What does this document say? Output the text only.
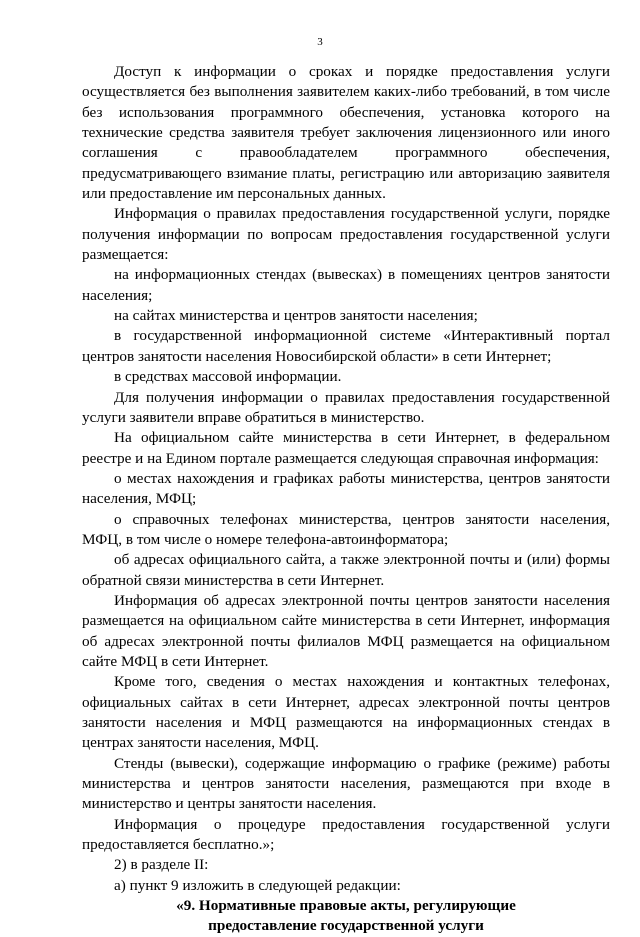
3

Доступ к информации о сроках и порядке предоставления услуги осуществляется без выполнения заявителем каких-либо требований, в том числе без использования программного обеспечения, установка которого на технические средства заявителя требует заключения лицензионного или иного соглашения с правообладателем программного обеспечения, предусматривающего взимание платы, регистрацию или авторизацию заявителя или предоставление им персональных данных.

Информация о правилах предоставления государственной услуги, порядке получения информации по вопросам предоставления государственной услуги размещается:

на информационных стендах (вывесках) в помещениях центров занятости населения;

на сайтах министерства и центров занятости населения;

в государственной информационной системе «Интерактивный портал центров занятости населения Новосибирской области» в сети Интернет;

в средствах массовой информации.

Для получения информации о правилах предоставления государственной услуги заявители вправе обратиться в министерство.

На официальном сайте министерства в сети Интернет, в федеральном реестре и на Едином портале размещается следующая справочная информация:

о местах нахождения и графиках работы министерства, центров занятости населения, МФЦ;

о справочных телефонах министерства, центров занятости населения, МФЦ, в том числе о номере телефона-автоинформатора;

об адресах официального сайта, а также электронной почты и (или) формы обратной связи министерства в сети Интернет.

Информация об адресах электронной почты центров занятости населения размещается на официальном сайте министерства в сети Интернет, информация об адресах электронной почты филиалов МФЦ размещается на официальном сайте МФЦ в сети Интернет.

Кроме того, сведения о местах нахождения и контактных телефонах, официальных сайтах в сети Интернет, адресах электронной почты центров занятости населения и МФЦ размещаются на информационных стендах в центрах занятости населения, МФЦ.

Стенды (вывески), содержащие информацию о графике (режиме) работы министерства и центров занятости населения, размещаются при входе в министерство и центры занятости населения.

Информация о процедуре предоставления государственной услуги предоставляется бесплатно.»;

2) в разделе II:

а) пункт 9 изложить в следующей редакции:

«9. Нормативные правовые акты, регулирующие

предоставление государственной услуги
